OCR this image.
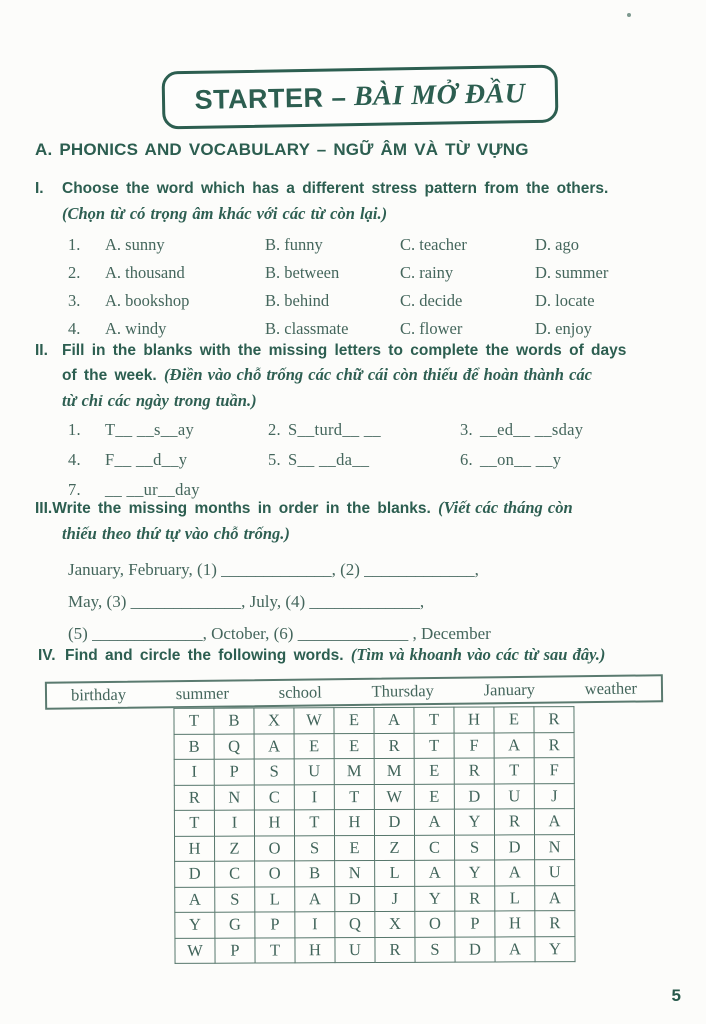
STARTER – BÀI MỞ ĐẦU
A. PHONICS AND VOCABULARY – NGỮ ÂM VÀ TỪ VỰNG
I. Choose the word which has a different stress pattern from the others.
(Chọn từ có trọng âm khác với các từ còn lại.)
1.	A. sunny	B. funny	C. teacher	D. ago
2.	A. thousand	B. between	C. rainy	D. summer
3.	A. bookshop	B. behind	C. decide	D. locate
4.	A. windy	B. classmate	C. flower	D. enjoy
II. Fill in the blanks with the missing letters to complete the words of days
of the week. (Điền vào chỗ trống các chữ cái còn thiếu để hoàn thành các
từ chỉ các ngày trong tuần.)
1.	T__ __s__ay	2. S__turd__ __	3. __ed__ __sday
4.	F__ __d__y	5. S__ __da__	6. __on__ __y
7.	__ __ur__day
III.Write the missing months in order in the blanks. (Viết các tháng còn
thiếu theo thứ tự vào chỗ trống.)
January, February, (1) _____________, (2) _____________,
May, (3) _____________, July, (4) _____________,
(5) _____________, October, (6) _____________ , December
IV. Find and circle the following words. (Tìm và khoanh vào các từ sau đây.)
birthday	summer	school	Thursday	January	weather
T	B	X	W	E	A	T	H	E	R
B	Q	A	E	E	R	T	F	A	R
I	P	S	U	M	M	E	R	T	F
R	N	C	I	T	W	E	D	U	J
T	I	H	T	H	D	A	Y	R	A
H	Z	O	S	E	Z	C	S	D	N
D	C	O	B	N	L	A	Y	A	U
A	S	L	A	D	J	Y	R	L	A
Y	G	P	I	Q	X	O	P	H	R
W	P	T	H	U	R	S	D	A	Y
5
